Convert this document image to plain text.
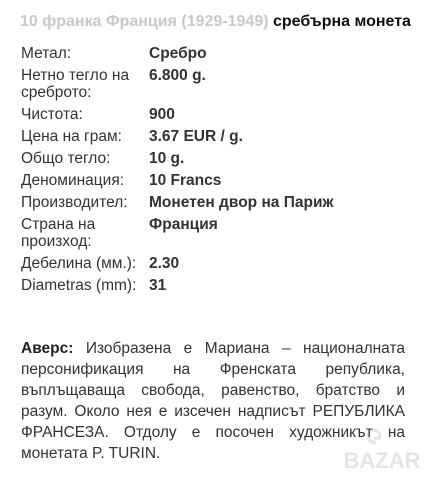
10 франка Франция (1929-1949) сребърна монета
Метал:	Сребро
Нетно тегло на среброто:
6.800 g.
Чистота:	900
Цена на грам:	3.67 EUR / g.
Общо тегло:	10 g.
Деноминация:	10 Francs
Производител:	Монетен двор на Париж
Страна на произход:
Франция
Дебелина (мм.): 2.30
Diametras (mm): 31
Аверс: Изобразена е Мариана – националната персонификация на Френската република, въплъщаваща свобода, равенство, братство и разум. Около нея е изсечен надписът РЕПУБЛИКА ФРАНСЕЗА. Отдолу е посочен художникът на монетата P. TURIN.	BAZAR
